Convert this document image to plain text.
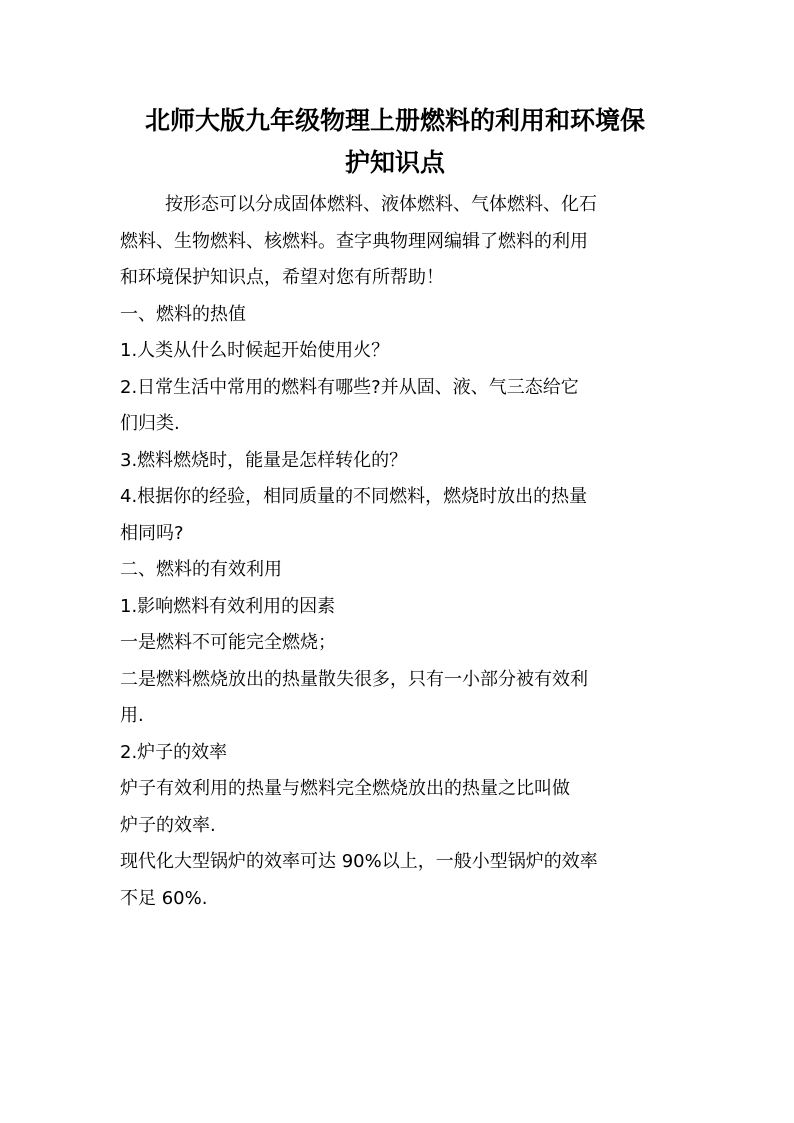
北师大版九年级物理上册燃料的利用和环境保
护知识点
按形态可以分成固体燃料、液体燃料、气体燃料、化石
燃料、生物燃料、核燃料。查字典物理网编辑了燃料的利用
和环境保护知识点，希望对您有所帮助！
一、燃料的热值
1.人类从什么时候起开始使用火？
2.日常生活中常用的燃料有哪些?并从固、液、气三态给它
们归类.
3.燃料燃烧时，能量是怎样转化的？
4.根据你的经验，相同质量的不同燃料，燃烧时放出的热量
相同吗?
二、燃料的有效利用
1.影响燃料有效利用的因素
一是燃料不可能完全燃烧；
二是燃料燃烧放出的热量散失很多，只有一小部分被有效利
用.
2.炉子的效率
炉子有效利用的热量与燃料完全燃烧放出的热量之比叫做
炉子的效率.
现代化大型锅炉的效率可达 90%以上，一般小型锅炉的效率
不足 60%.
